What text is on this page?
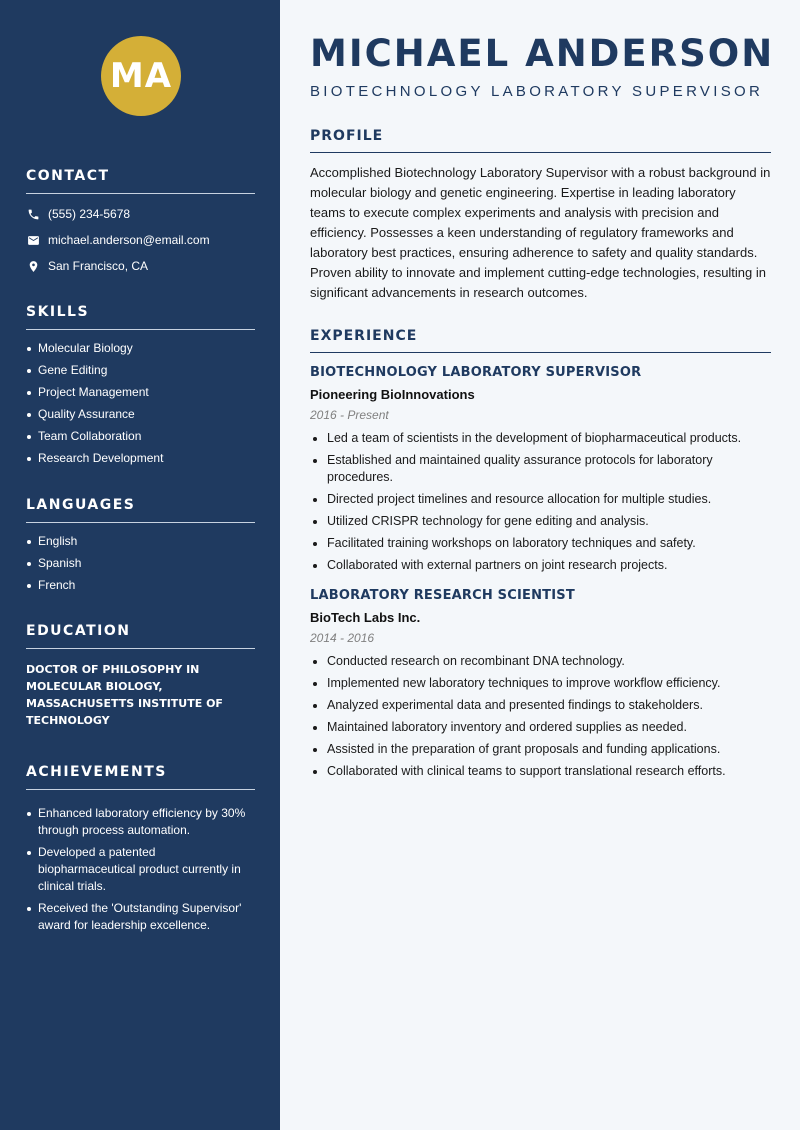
MA
CONTACT
(555) 234-5678
michael.anderson@email.com
San Francisco, CA
SKILLS
Molecular Biology
Gene Editing
Project Management
Quality Assurance
Team Collaboration
Research Development
LANGUAGES
English
Spanish
French
EDUCATION
DOCTOR OF PHILOSOPHY IN MOLECULAR BIOLOGY, MASSACHUSETTS INSTITUTE OF TECHNOLOGY
ACHIEVEMENTS
Enhanced laboratory efficiency by 30% through process automation.
Developed a patented biopharmaceutical product currently in clinical trials.
Received the 'Outstanding Supervisor' award for leadership excellence.
MICHAEL ANDERSON
BIOTECHNOLOGY LABORATORY SUPERVISOR
PROFILE

Accomplished Biotechnology Laboratory Supervisor with a robust background in molecular biology and genetic engineering. Expertise in leading laboratory teams to execute complex experiments and analysis with precision and efficiency. Possesses a keen understanding of regulatory frameworks and laboratory best practices, ensuring adherence to safety and quality standards. Proven ability to innovate and implement cutting-edge technologies, resulting in significant advancements in research outcomes.

EXPERIENCE
BIOTECHNOLOGY LABORATORY SUPERVISOR
Pioneering BioInnovations
2016 - Present
Led a team of scientists in the development of biopharmaceutical products.
Established and maintained quality assurance protocols for laboratory procedures.
Directed project timelines and resource allocation for multiple studies.
Utilized CRISPR technology for gene editing and analysis.
Facilitated training workshops on laboratory techniques and safety.
Collaborated with external partners on joint research projects.
LABORATORY RESEARCH SCIENTIST
BioTech Labs Inc.
2014 - 2016
Conducted research on recombinant DNA technology.
Implemented new laboratory techniques to improve workflow efficiency.
Analyzed experimental data and presented findings to stakeholders.
Maintained laboratory inventory and ordered supplies as needed.
Assisted in the preparation of grant proposals and funding applications.
Collaborated with clinical teams to support translational research efforts.
